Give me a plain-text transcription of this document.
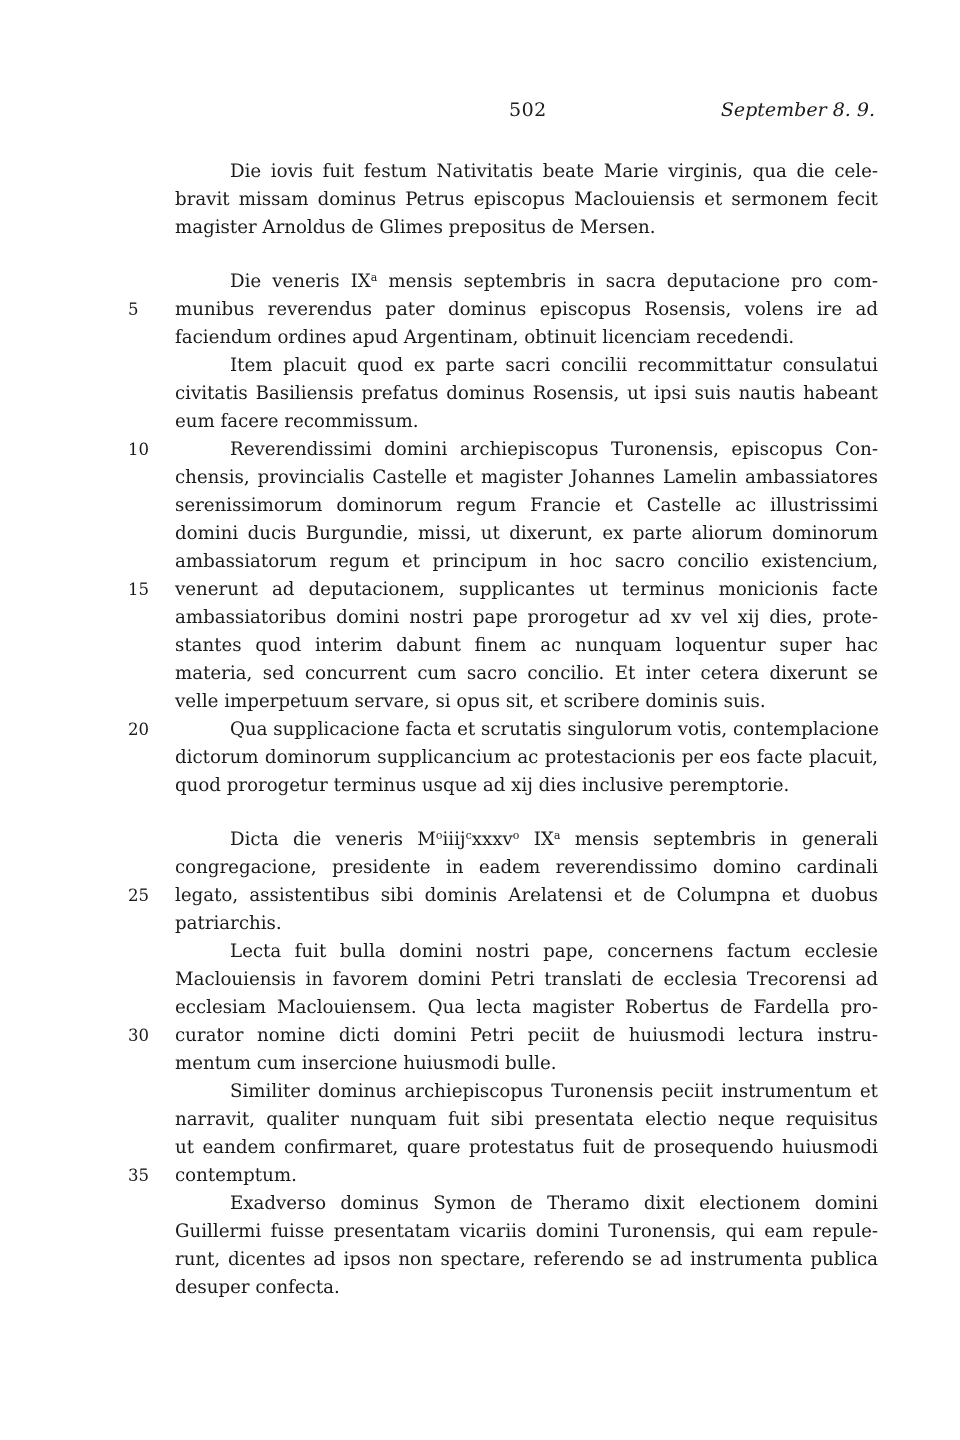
502	September 8. 9.
Die iovis fuit festum Nativitatis beate Marie virginis, qua die cele-
bravit missam dominus Petrus episcopus Maclouiensis et sermonem fecit
magister Arnoldus de Glimes prepositus de Mersen.
Die veneris $IX^a$ mensis septembris in sacra deputacione pro com-
munibus reverendus pater dominus episcopus Rosensis, volens ire ad
faciendum ordines apud Argentinam, obtinuit licenciam recedendi.
Item placuit quod ex parte sacri concilii recommittatur consulatui
civitatis Basiliensis prefatus dominus Rosensis, ut ipsi suis nautis habeant
eum facere recommissum.
Reverendissimi domini archiepiscopus Turonensis, episcopus Con-
chensis, provincialis Castelle et magister Johannes Lamelin ambassiatores
serenissimorum dominorum regum Francie et Castelle ac illustrissimi
domini ducis Burgundie, missi, ut dixerunt, ex parte aliorum dominorum
ambassiatorum regum et principum in hoc sacro concilio existencium,
venerunt ad deputacionem, supplicantes ut terminus monicionis facte
ambassiatoribus domini nostri pape prorogetur ad xv vel xij dies, prote-
stantes quod interim dabunt finem ac nunquam loquentur super hac
materia, sed concurrent cum sacro concilio. Et inter cetera dixerunt se
velle imperpetuum servare, si opus sit, et scribere dominis suis.
Qua supplicacione facta et scrutatis singulorum votis, contemplacione
dictorum dominorum supplicancium ac protestacionis per eos facte placuit,
quod prorogetur terminus usque ad xij dies inclusive peremptorie.
Dicta die veneris $M^oiiij^cxxxv^o$ $IX^a$ mensis septembris in generali
congregacione, presidente in eadem reverendissimo domino cardinali
legato, assistentibus sibi dominis Arelatensi et de Columpna et duobus
patriarchis.
Lecta fuit bulla domini nostri pape, concernens factum ecclesie
Maclouiensis in favorem domini Petri translati de ecclesia Trecorensi ad
ecclesiam Maclouiensem. Qua lecta magister Robertus de Fardella pro-
curator nomine dicti domini Petri peciit de huiusmodi lectura instru-
mentum cum insercione huiusmodi bulle.
Similiter dominus archiepiscopus Turonensis peciit instrumentum et
narravit, qualiter nunquam fuit sibi presentata electio neque requisitus
ut eandem confirmaret, quare protestatus fuit de prosequendo huiusmodi
contemptum.
Exadverso dominus Symon de Theramo dixit electionem domini
Guillermi fuisse presentatam vicariis domini Turonensis, qui eam repule-
runt, dicentes ad ipsos non spectare, referendo se ad instrumenta publica
desuper confecta.
5
10
15
20
25
30
35
